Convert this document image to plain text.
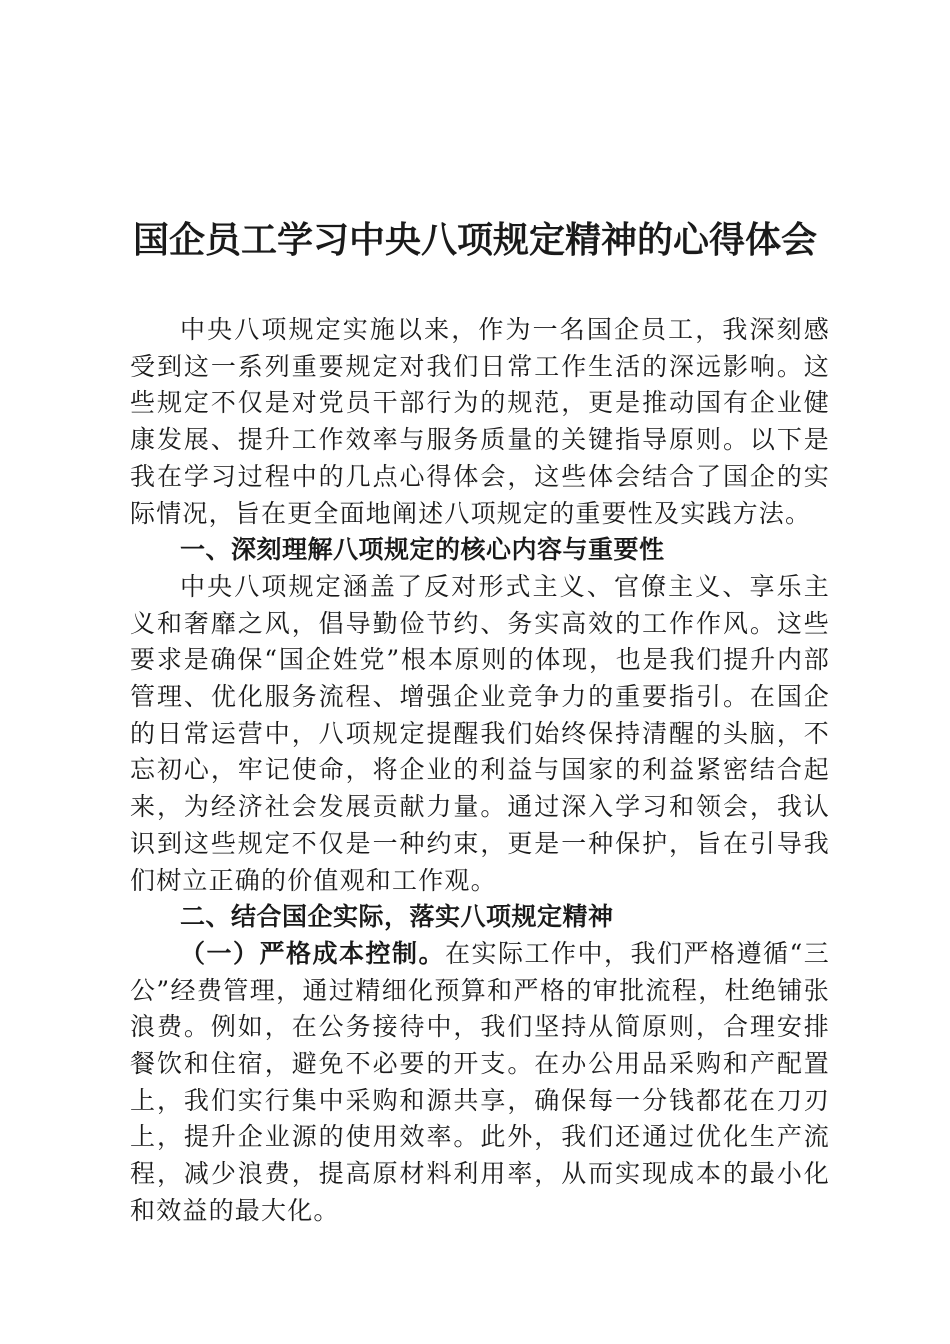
国企员工学习中央八项规定精神的心得体会

中央八项规定实施以来，作为一名国企员工，我深刻感受到这一系列重要规定对我们日常工作生活的深远影响。这些规定不仅是对党员干部行为的规范，更是推动国有企业健康发展、提升工作效率与服务质量的关键指导原则。以下是我在学习过程中的几点心得体会，这些体会结合了国企的实际情况，旨在更全面地阐述八项规定的重要性及实践方法。

一、深刻理解八项规定的核心内容与重要性

中央八项规定涵盖了反对形式主义、官僚主义、享乐主义和奢靡之风，倡导勤俭节约、务实高效的工作作风。这些要求是确保“国企姓党”根本原则的体现，也是我们提升内部管理、优化服务流程、增强企业竞争力的重要指引。在国企的日常运营中，八项规定提醒我们始终保持清醒的头脑，不忘初心，牢记使命，将企业的利益与国家的利益紧密结合起来，为经济社会发展贡献力量。通过深入学习和领会，我认识到这些规定不仅是一种约束，更是一种保护，旨在引导我们树立正确的价值观和工作观。

二、结合国企实际，落实八项规定精神

（一）严格成本控制。在实际工作中，我们严格遵循“三公”经费管理，通过精细化预算和严格的审批流程，杜绝铺张浪费。例如，在公务接待中，我们坚持从简原则，合理安排餐饮和住宿，避免不必要的开支。在办公用品采购和产配置上，我们实行集中采购和源共享，确保每一分钱都花在刀刃上，提升企业源的使用效率。此外，我们还通过优化生产流程，减少浪费，提高原材料利用率，从而实现成本的最小化和效益的最大化。
